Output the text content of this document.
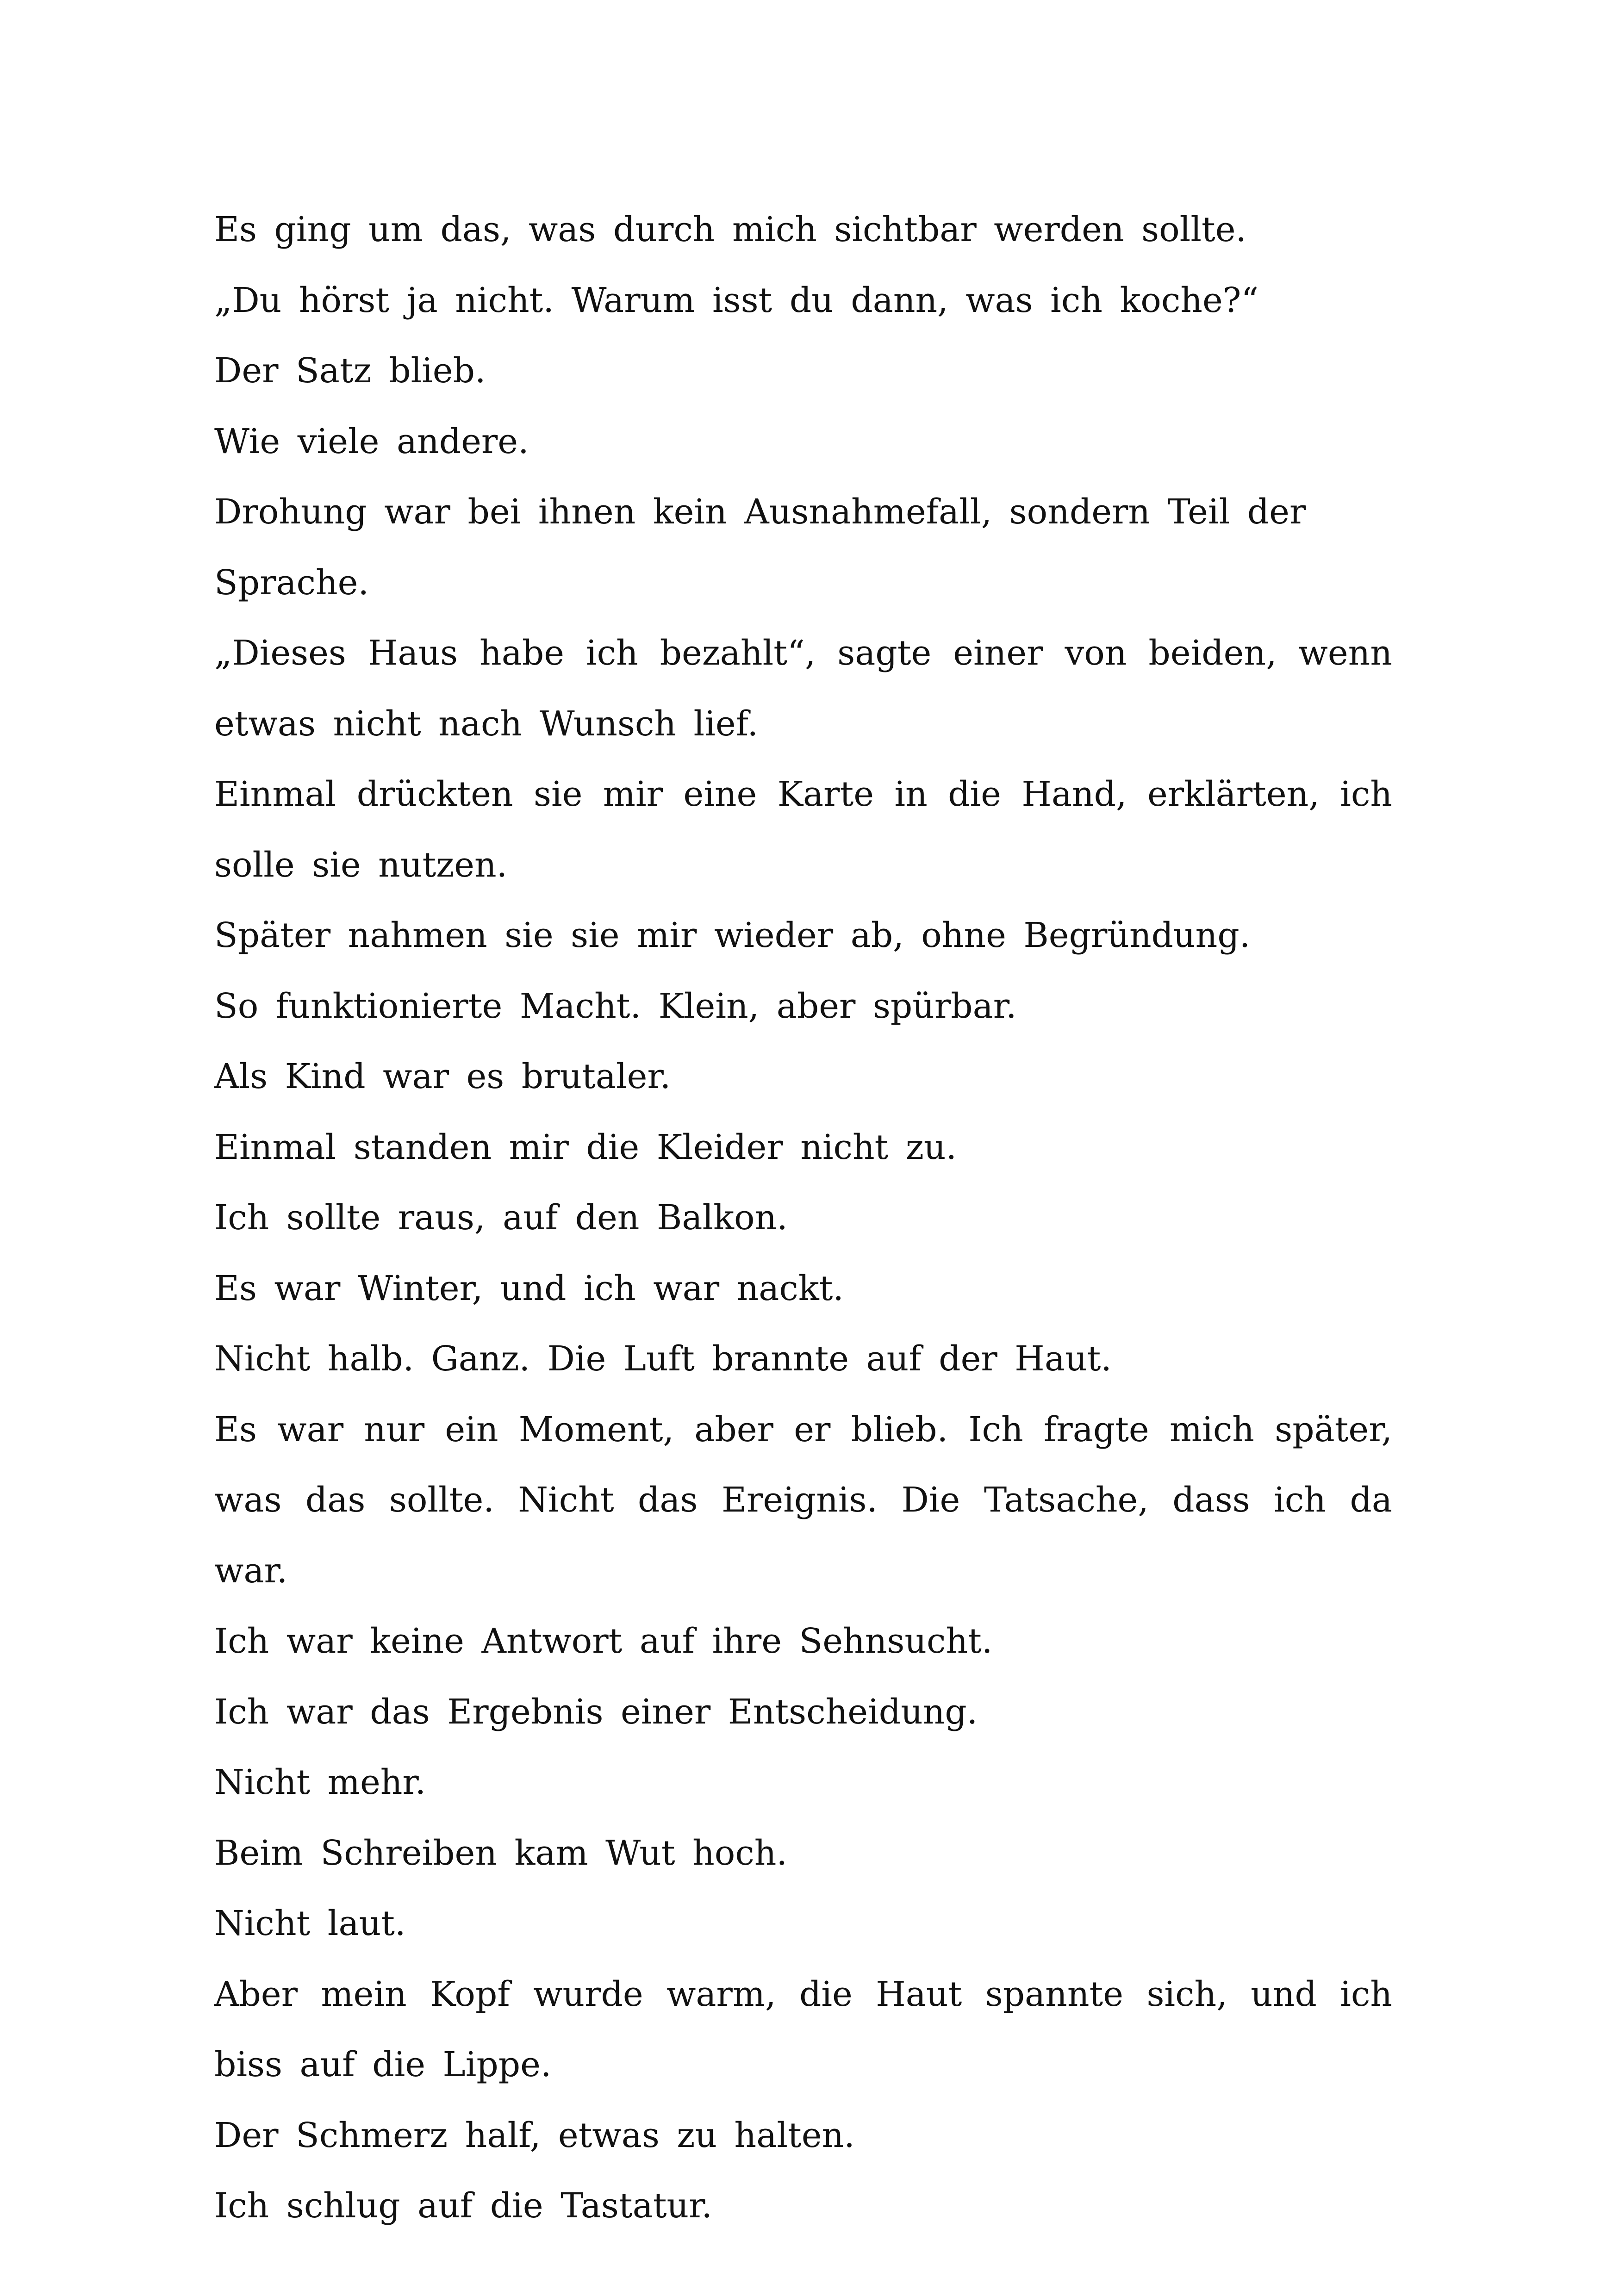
Es ging um das, was durch mich sichtbar werden sollte.

„Du hörst ja nicht. Warum isst du dann, was ich koche?“

Der Satz blieb.

Wie viele andere.

Drohung war bei ihnen kein Ausnahmefall, sondern Teil der Sprache.

„Dieses Haus habe ich bezahlt“, sagte einer von beiden, wenn etwas nicht nach Wunsch lief.

Einmal drückten sie mir eine Karte in die Hand, erklärten, ich solle sie nutzen.

Später nahmen sie sie mir wieder ab, ohne Begründung.

So funktionierte Macht. Klein, aber spürbar.

Als Kind war es brutaler.

Einmal standen mir die Kleider nicht zu.

Ich sollte raus, auf den Balkon.

Es war Winter, und ich war nackt.

Nicht halb. Ganz. Die Luft brannte auf der Haut.

Es war nur ein Moment, aber er blieb. Ich fragte mich später, was das sollte. Nicht das Ereignis. Die Tatsache, dass ich da war.

Ich war keine Antwort auf ihre Sehnsucht.

Ich war das Ergebnis einer Entscheidung.

Nicht mehr.

Beim Schreiben kam Wut hoch.

Nicht laut.

Aber mein Kopf wurde warm, die Haut spannte sich, und ich biss auf die Lippe.

Der Schmerz half, etwas zu halten.

Ich schlug auf die Tastatur.
